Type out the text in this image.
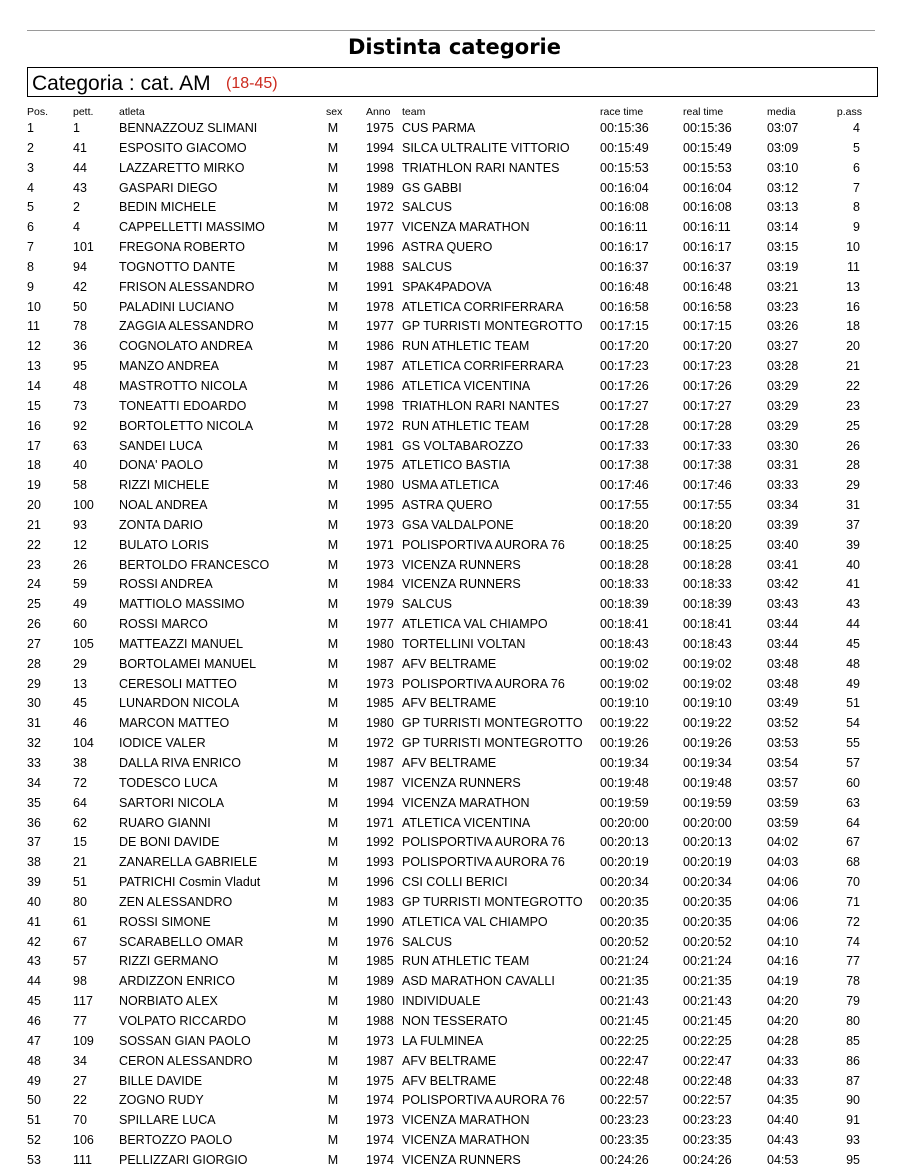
Distinta categorie
Categoria : cat. AM (18-45)
Pos. pett. atleta	sex Anno team	race time	real time	media	p.ass
1	1	BENNAZZOUZ SLIMANI	M 1975 CUS PARMA	00:15:36	00:15:36	03:07	4
2	41	ESPOSITO GIACOMO	M 1994 SILCA ULTRALITE VITTORIO 00:15:49	00:15:49	03:09	5
3	44	LAZZARETTO MIRKO	M 1998 TRIATHLON RARI NANTES	00:15:53	00:15:53	03:10	6
4	43	GASPARI DIEGO	M 1989 GS GABBI	00:16:04	00:16:04	03:12	7
5	2	BEDIN MICHELE	M 1972 SALCUS	00:16:08	00:16:08	03:13	8
6	4	CAPPELLETTI MASSIMO	M 1977 VICENZA MARATHON	00:16:11	00:16:11	03:14	9
7	101 FREGONA ROBERTO	M 1996 ASTRA QUERO	00:16:17	00:16:17	03:15	10
8	94	TOGNOTTO DANTE	M 1988 SALCUS	00:16:37	00:16:37	03:19	11
9	42	FRISON ALESSANDRO	M 1991 SPAK4PADOVA	00:16:48	00:16:48	03:21	13
10	50	PALADINI LUCIANO	M 1978 ATLETICA CORRIFERRARA	00:16:58	00:16:58	03:23	16
11	78	ZAGGIA ALESSANDRO	M 1977 GP TURRISTI MONTEGROTTO 00:17:15	00:17:15	03:26	18
12	36	COGNOLATO ANDREA	M 1986 RUN ATHLETIC TEAM	00:17:20	00:17:20	03:27	20
13	95	MANZO ANDREA	M 1987 ATLETICA CORRIFERRARA	00:17:23	00:17:23	03:28	21
14	48	MASTROTTO NICOLA	M 1986 ATLETICA VICENTINA	00:17:26	00:17:26	03:29	22
15	73	TONEATTI EDOARDO	M 1998 TRIATHLON RARI NANTES	00:17:27	00:17:27	03:29	23
16	92	BORTOLETTO NICOLA	M 1972 RUN ATHLETIC TEAM	00:17:28	00:17:28	03:29	25
17	63	SANDEI LUCA	M 1981 GS VOLTABAROZZO	00:17:33	00:17:33	03:30	26
18	40	DONA' PAOLO	M 1975 ATLETICO BASTIA	00:17:38	00:17:38	03:31	28
19	58	RIZZI MICHELE	M 1980 USMA ATLETICA	00:17:46	00:17:46	03:33	29
20	100 NOAL ANDREA	M 1995 ASTRA QUERO	00:17:55	00:17:55	03:34	31
21	93	ZONTA DARIO	M 1973 GSA VALDALPONE	00:18:20	00:18:20	03:39	37
22	12	BULATO LORIS	M 1971 POLISPORTIVA AURORA 76	00:18:25	00:18:25	03:40	39
23	26	BERTOLDO FRANCESCO	M 1973 VICENZA RUNNERS	00:18:28	00:18:28	03:41	40
24	59	ROSSI ANDREA	M 1984 VICENZA RUNNERS	00:18:33	00:18:33	03:42	41
25	49	MATTIOLO MASSIMO	M 1979 SALCUS	00:18:39	00:18:39	03:43	43
26	60	ROSSI MARCO	M 1977 ATLETICA VAL CHIAMPO	00:18:41	00:18:41	03:44	44
27	105 MATTEAZZI MANUEL	M 1980 TORTELLINI VOLTAN	00:18:43	00:18:43	03:44	45
28	29	BORTOLAMEI MANUEL	M 1987 AFV BELTRAME	00:19:02	00:19:02	03:48	48
29	13	CERESOLI MATTEO	M 1973 POLISPORTIVA AURORA 76	00:19:02	00:19:02	03:48	49
30	45	LUNARDON NICOLA	M 1985 AFV BELTRAME	00:19:10	00:19:10	03:49	51
31	46	MARCON MATTEO	M 1980 GP TURRISTI MONTEGROTTO 00:19:22	00:19:22	03:52	54
32	104 IODICE VALER	M 1972 GP TURRISTI MONTEGROTTO 00:19:26	00:19:26	03:53	55
33	38	DALLA RIVA ENRICO	M 1987 AFV BELTRAME	00:19:34	00:19:34	03:54	57
34	72	TODESCO LUCA	M 1987 VICENZA RUNNERS	00:19:48	00:19:48	03:57	60
35	64	SARTORI NICOLA	M 1994 VICENZA MARATHON	00:19:59	00:19:59	03:59	63
36	62	RUARO GIANNI	M 1971 ATLETICA VICENTINA	00:20:00	00:20:00	03:59	64
37	15	DE BONI DAVIDE	M 1992 POLISPORTIVA AURORA 76	00:20:13	00:20:13	04:02	67
38	21	ZANARELLA GABRIELE	M 1993 POLISPORTIVA AURORA 76	00:20:19	00:20:19	04:03	68
39	51	PATRICHI Cosmin Vladut	M 1996 CSI COLLI BERICI	00:20:34	00:20:34	04:06	70
40	80	ZEN ALESSANDRO	M 1983 GP TURRISTI MONTEGROTTO 00:20:35	00:20:35	04:06	71
41	61	ROSSI SIMONE	M 1990 ATLETICA VAL CHIAMPO	00:20:35	00:20:35	04:06	72
42	67	SCARABELLO OMAR	M 1976 SALCUS	00:20:52	00:20:52	04:10	74
43	57	RIZZI GERMANO	M 1985 RUN ATHLETIC TEAM	00:21:24	00:21:24	04:16	77
44	98	ARDIZZON ENRICO	M 1989 ASD MARATHON CAVALLI	00:21:35	00:21:35	04:19	78
45	117 NORBIATO ALEX	M 1980 INDIVIDUALE	00:21:43	00:21:43	04:20	79
46	77	VOLPATO RICCARDO	M 1988 NON TESSERATO	00:21:45	00:21:45	04:20	80
47	109 SOSSAN GIAN PAOLO	M 1973 LA FULMINEA	00:22:25	00:22:25	04:28	85
48	34	CERON ALESSANDRO	M 1987 AFV BELTRAME	00:22:47	00:22:47	04:33	86
49	27	BILLE DAVIDE	M 1975 AFV BELTRAME	00:22:48	00:22:48	04:33	87
50	22	ZOGNO RUDY	M 1974 POLISPORTIVA AURORA 76	00:22:57	00:22:57	04:35	90
51	70	SPILLARE LUCA	M 1973 VICENZA MARATHON	00:23:23	00:23:23	04:40	91
52	106 BERTOZZO PAOLO	M 1974 VICENZA MARATHON	00:23:35	00:23:35	04:43	93
53	111 PELLIZZARI GIORGIO	M 1974 VICENZA RUNNERS	00:24:26	00:24:26	04:53	95
